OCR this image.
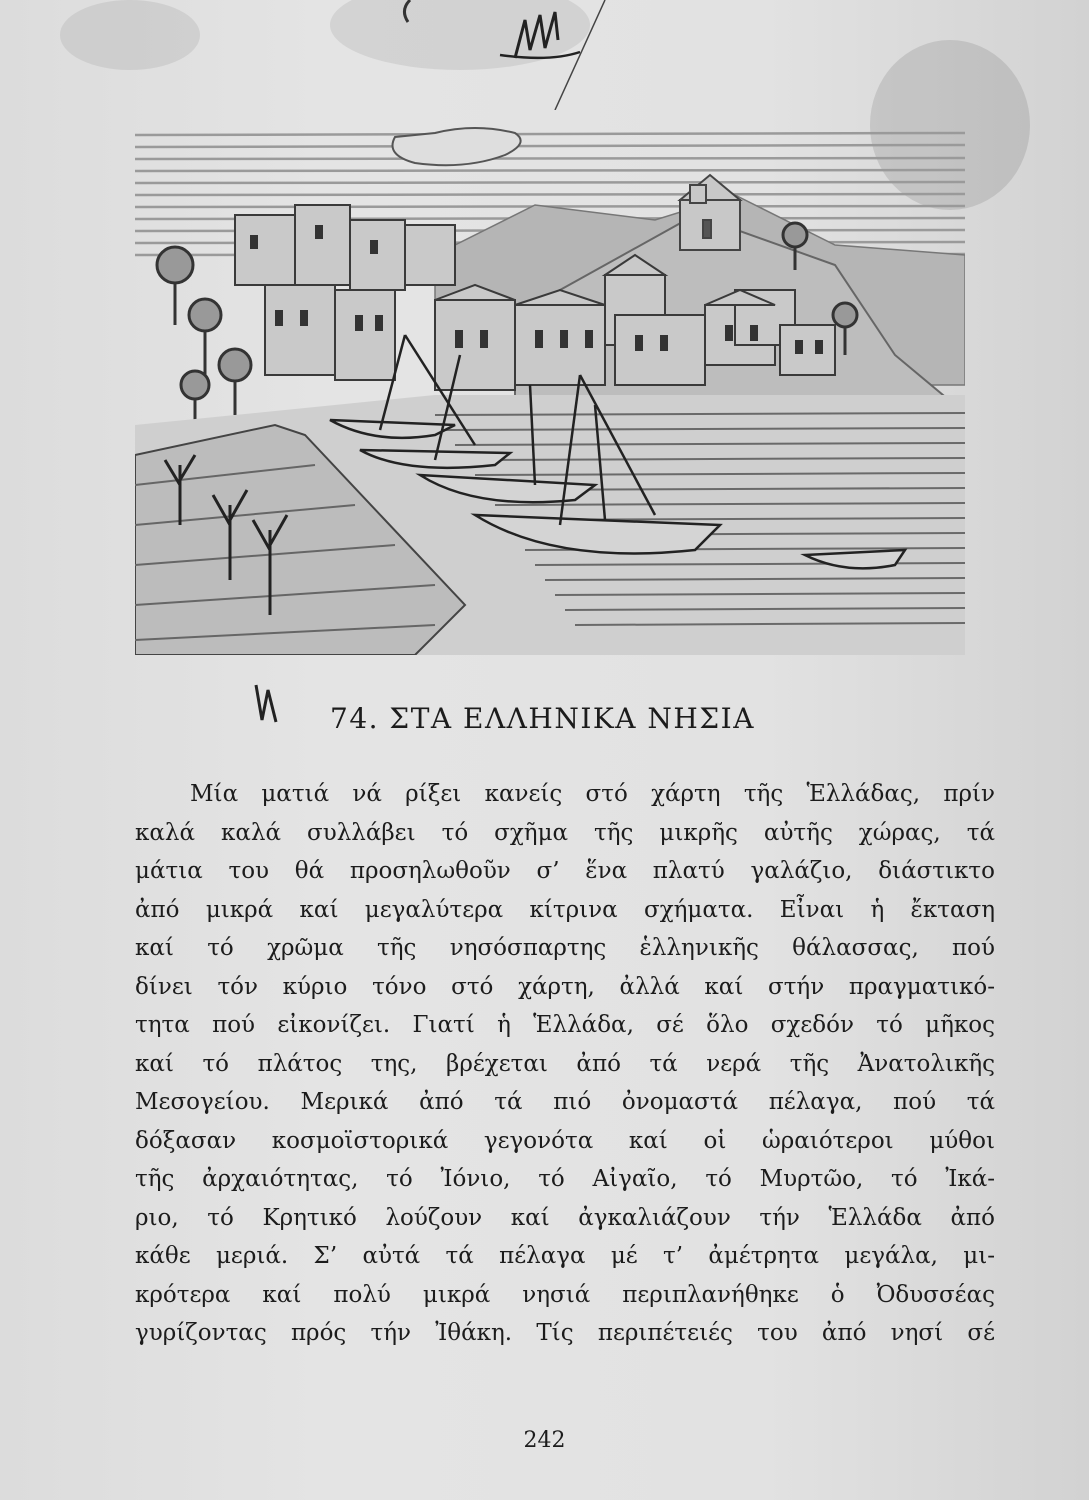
74. ΣΤΑ ΕΛΛΗΝΙΚΑ ΝΗΣΙΑ
Μία ματιά νά ρίξει κανείς στό χάρτη τῆς Ἑλλάδας, πρίν
καλά καλά συλλάβει τό σχῆμα τῆς μικρῆς αὐτῆς χώρας, τά
μάτια του θά προσηλωθοῦν σ’ ἕνα πλατύ γαλάζιο, διάστικτο
ἀπό μικρά καί μεγαλύτερα κίτρινα σχήματα. Εἶναι ἡ ἔκταση
καί τό χρῶμα τῆς νησόσπαρτης ἑλληνικῆς θάλασσας, πού
δίνει τόν κύριο τόνο στό χάρτη, ἀλλά καί στήν πραγματικό-
τητα πού εἰκονίζει. Γιατί ἡ Ἑλλάδα, σέ ὅλο σχεδόν τό μῆκος
καί τό πλάτος της, βρέχεται ἀπό τά νερά τῆς Ἀνατολικῆς
Μεσογείου. Μερικά ἀπό τά πιό ὀνομαστά πέλαγα, πού τά
δόξασαν κοσμοϊστορικά γεγονότα καί οἱ ὡραιότεροι μύθοι
τῆς ἀρχαιότητας, τό Ἰόνιο, τό Αἰγαῖο, τό Μυρτῶο, τό Ἰκά-
ριο, τό Κρητικό λούζουν καί ἀγκαλιάζουν τήν Ἑλλάδα ἀπό
κάθε μεριά. Σ’ αὐτά τά πέλαγα μέ τ’ ἀμέτρητα μεγάλα, μι-
κρότερα καί πολύ μικρά νησιά περιπλανήθηκε ὁ Ὀδυσσέας
γυρίζοντας πρός τήν Ἰθάκη. Τίς περιπέτειές του ἀπό νησί σέ
242
